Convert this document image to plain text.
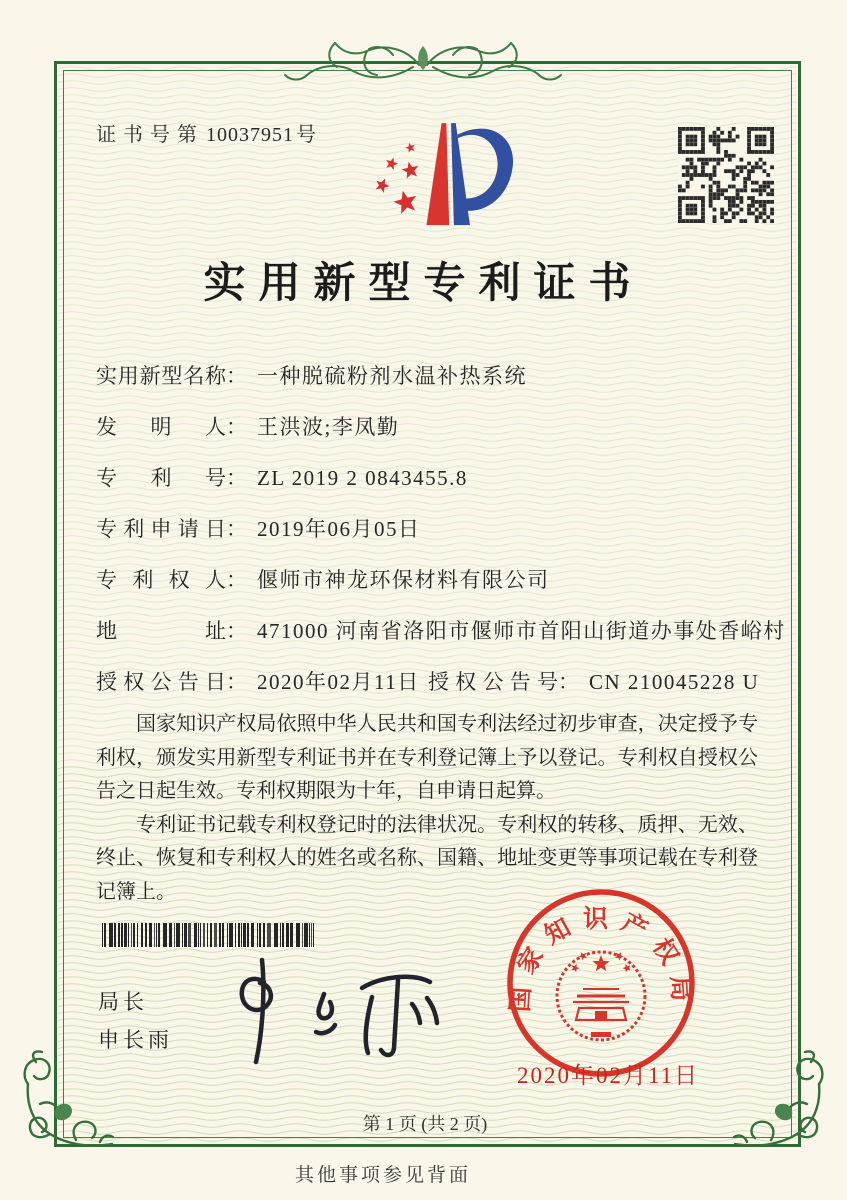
证书号第 10037951 号
实用新型专利证书
实用新型名称： 一种脱硫粉剂水温补热系统
发明人： 王洪波;李凤勤
专利号： ZL 2019 2 0843455.8
专利申请日： 2019年06月05日
专利权人： 偃师市神龙环保材料有限公司
地址： 471000 河南省洛阳市偃师市首阳山街道办事处香峪村
授权公告日： 2020年02月11日 授权公告号： CN 210045228 U

国家知识产权局依照中华人民共和国专利法经过初步审查，决定授予专利权，颁发实用新型专利证书并在专利登记簿上予以登记。专利权自授权公告之日起生效。专利权期限为十年，自申请日起算。

专利证书记载专利权登记时的法律状况。专利权的转移、质押、无效、终止、恢复和专利权人的姓名或名称、国籍、地址变更等事项记载在专利登记簿上。

局长
申长雨
国家知识产权局
2020年02月11日
第 1 页 (共 2 页)
其他事项参见背面
